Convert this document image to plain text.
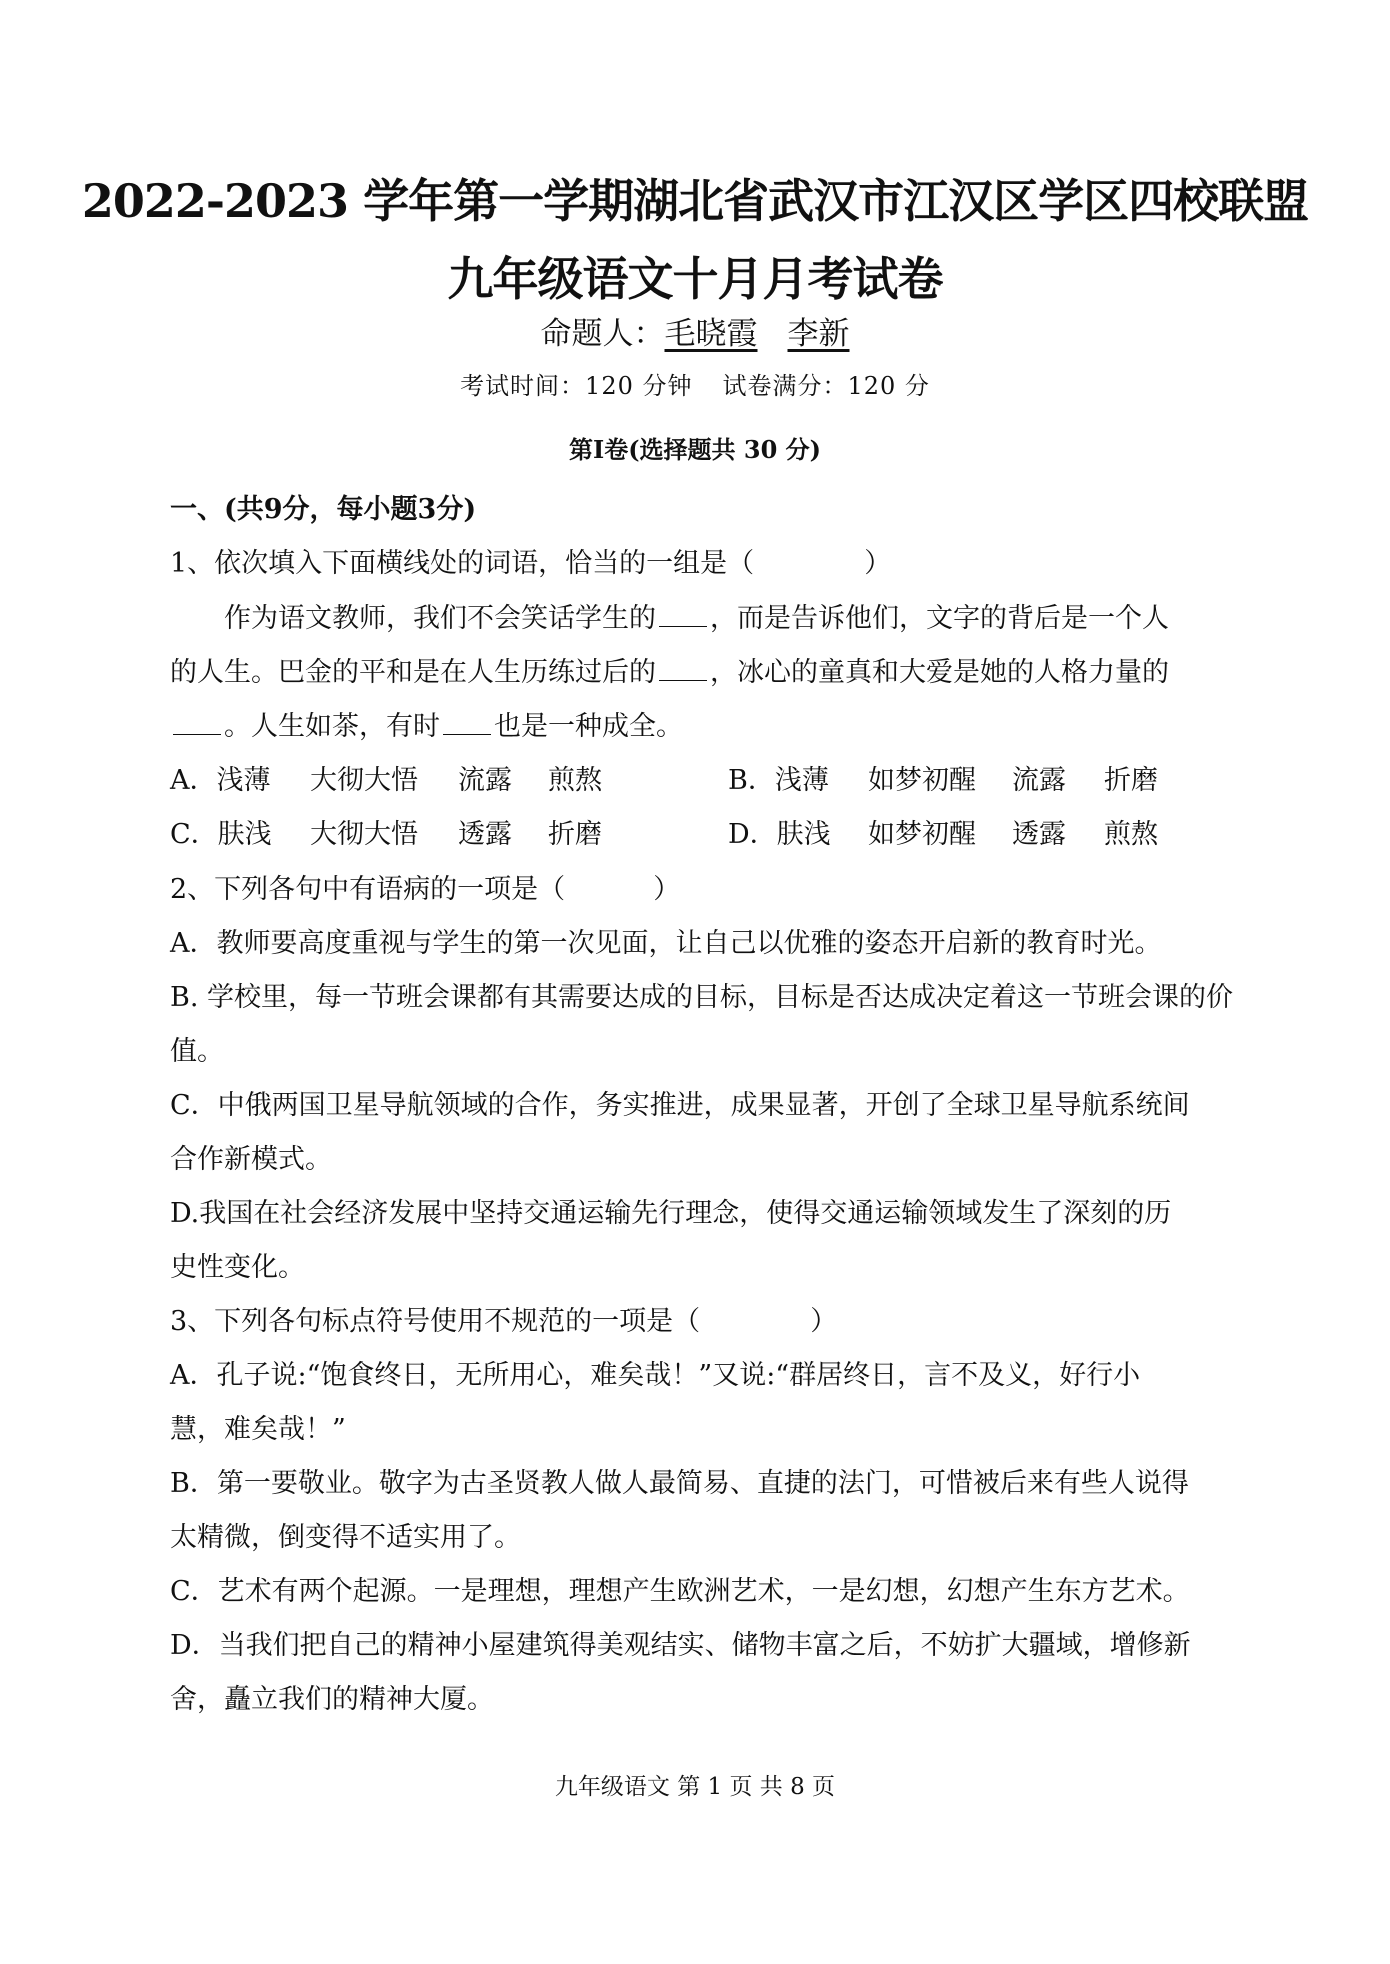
2022-2023 学年第一学期湖北省武汉市江汉区学区四校联盟
九年级语文十月月考试卷
命题人：毛晓霞 李新
考试时间：120 分钟 试卷满分：120 分
第Ⅰ卷(选择题共 30 分)
一、(共9分，每小题3分)
1、依次填入下面横线处的词语，恰当的一组是（	）
作为语文教师，我们不会笑话学生的 ，而是告诉他们，文字的背后是一个人
的人生。巴金的平和是在人生历练过后的 ，冰心的童真和大爱是她的人格力量的
。人生如茶，有时 也是一种成全。
A．浅薄 大彻大悟 流露 煎熬	B．浅薄 如梦初醒 流露 折磨
C．肤浅 大彻大悟 透露 折磨	D．肤浅 如梦初醒 透露 煎熬
2、下列各句中有语病的一项是（	）
A．教师要高度重视与学生的第一次见面，让自己以优雅的姿态开启新的教育时光。
B. 学校里，每一节班会课都有其需要达成的目标，目标是否达成决定着这一节班会课的价
值。
C．中俄两国卫星导航领域的合作，务实推进，成果显著，开创了全球卫星导航系统间
合作新模式。
D.我国在社会经济发展中坚持交通运输先行理念，使得交通运输领域发生了深刻的历
史性变化。
3、下列各句标点符号使用不规范的一项是（	）
A．孔子说:“饱食终日，无所用心，难矣哉！”又说:“群居终日，言不及义，好行小
慧，难矣哉！”
B．第一要敬业。敬字为古圣贤教人做人最简易、直捷的法门，可惜被后来有些人说得
太精微，倒变得不适实用了。
C．艺术有两个起源。一是理想，理想产生欧洲艺术，一是幻想，幻想产生东方艺术。
D．当我们把自己的精神小屋建筑得美观结实、储物丰富之后，不妨扩大疆域，增修新
舍，矗立我们的精神大厦。
九年级语文 第 1 页 共 8 页
